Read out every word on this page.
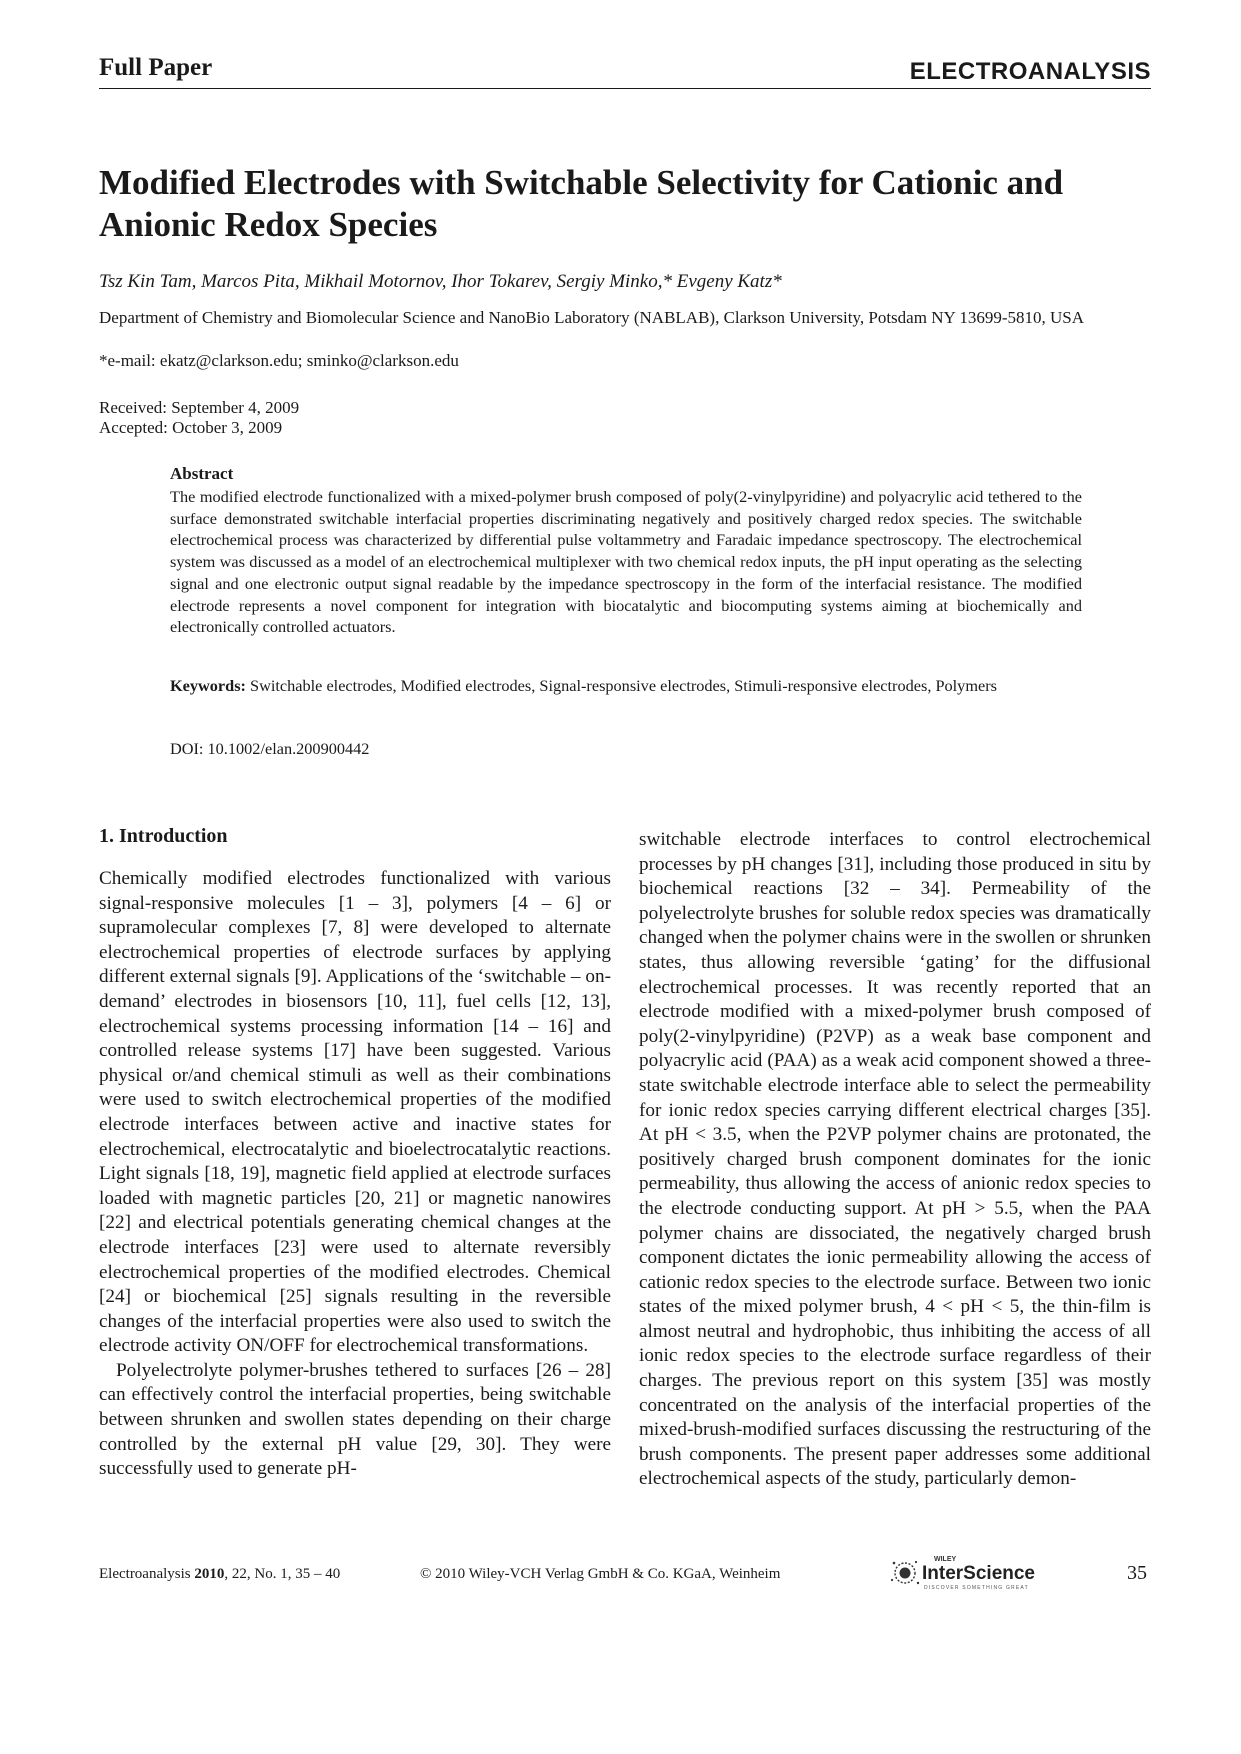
Full Paper	ELECTROANALYSIS
Modified Electrodes with Switchable Selectivity for Cationic and Anionic Redox Species
Tsz Kin Tam, Marcos Pita, Mikhail Motornov, Ihor Tokarev, Sergiy Minko,* Evgeny Katz*
Department of Chemistry and Biomolecular Science and NanoBio Laboratory (NABLAB), Clarkson University, Potsdam NY 13699-5810, USA
*e-mail: ekatz@clarkson.edu; sminko@clarkson.edu
Received: September 4, 2009
Accepted: October 3, 2009
Abstract
The modified electrode functionalized with a mixed-polymer brush composed of poly(2-vinylpyridine) and polyacrylic acid tethered to the surface demonstrated switchable interfacial properties discriminating negatively and positively charged redox species. The switchable electrochemical process was characterized by differential pulse voltammetry and Faradaic impedance spectroscopy. The electrochemical system was discussed as a model of an electrochemical multiplexer with two chemical redox inputs, the pH input operating as the selecting signal and one electronic output signal readable by the impedance spectroscopy in the form of the interfacial resistance. The modified electrode represents a novel component for integration with biocatalytic and biocomputing systems aiming at biochemically and electronically controlled actuators.
Keywords: Switchable electrodes, Modified electrodes, Signal-responsive electrodes, Stimuli-responsive electrodes, Polymers
DOI: 10.1002/elan.200900442
1. Introduction

Chemically modified electrodes functionalized with various signal-responsive molecules [1 – 3], polymers [4 – 6] or supramolecular complexes [7, 8] were developed to alternate electrochemical properties of electrode surfaces by applying different external signals [9]. Applications of the ‘switchable – on-demand’ electrodes in biosensors [10, 11], fuel cells [12, 13], electrochemical systems processing information [14 – 16] and controlled release systems [17] have been suggested. Various physical or/and chemical stimuli as well as their combinations were used to switch electrochemical properties of the modified electrode interfaces between active and inactive states for electrochemical, electrocatalytic and bioelectrocatalytic reactions. Light signals [18, 19], magnetic field applied at electrode surfaces loaded with magnetic particles [20, 21] or magnetic nanowires [22] and electrical potentials generating chemical changes at the electrode interfaces [23] were used to alternate reversibly electrochemical properties of the modified electrodes. Chemical [24] or biochemical [25] signals resulting in the reversible changes of the interfacial properties were also used to switch the electrode activity ON/OFF for electrochemical transformations.

Polyelectrolyte polymer-brushes tethered to surfaces [26 – 28] can effectively control the interfacial properties, being switchable between shrunken and swollen states depending on their charge controlled by the external pH value [29, 30]. They were successfully used to generate pH-

switchable electrode interfaces to control electrochemical processes by pH changes [31], including those produced in situ by biochemical reactions [32 – 34]. Permeability of the polyelectrolyte brushes for soluble redox species was dramatically changed when the polymer chains were in the swollen or shrunken states, thus allowing reversible ‘gating’ for the diffusional electrochemical processes. It was recently reported that an electrode modified with a mixed-polymer brush composed of poly(2-vinylpyridine) (P2VP) as a weak base component and polyacrylic acid (PAA) as a weak acid component showed a three-state switchable electrode interface able to select the permeability for ionic redox species carrying different electrical charges [35]. At pH < 3.5, when the P2VP polymer chains are protonated, the positively charged brush component dominates for the ionic permeability, thus allowing the access of anionic redox species to the electrode conducting support. At pH > 5.5, when the PAA polymer chains are dissociated, the negatively charged brush component dictates the ionic permeability allowing the access of cationic redox species to the electrode surface. Between two ionic states of the mixed polymer brush, 4 < pH < 5, the thin-film is almost neutral and hydrophobic, thus inhibiting the access of all ionic redox species to the electrode surface regardless of their charges. The previous report on this system [35] was mostly concentrated on the analysis of the interfacial properties of the mixed-brush-modified surfaces discussing the restructuring of the brush components. The present paper addresses some additional electrochemical aspects of the study, particularly demon-

Electroanalysis 2010, 22, No. 1, 35 – 40	© 2010 Wiley-VCH Verlag GmbH & Co. KGaA, Weinheim
WILEY
InterScience
DISCOVER SOMETHING GREAT
35
